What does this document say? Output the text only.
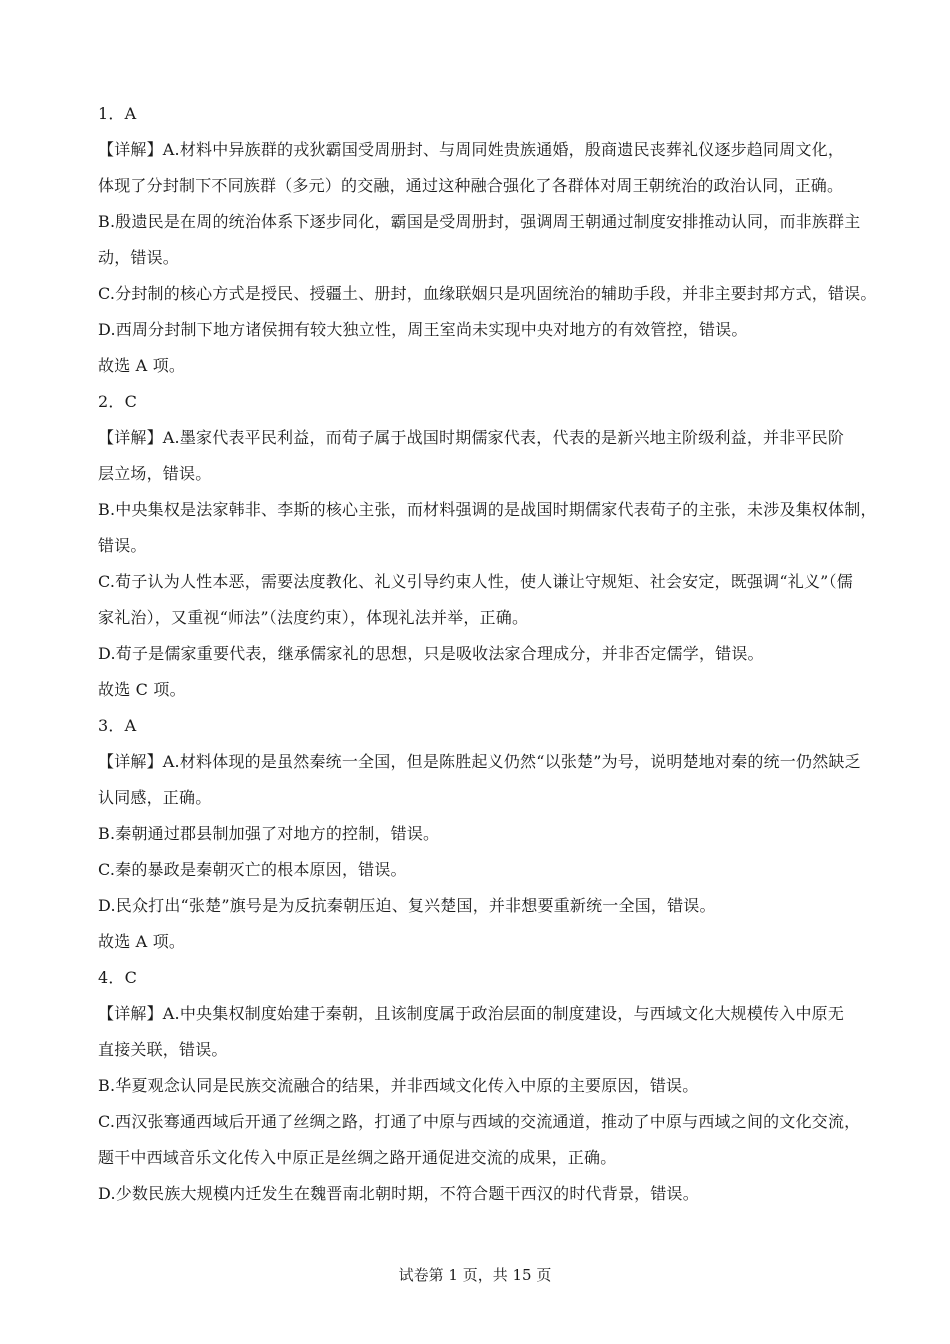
1．A
【详解】A.材料中异族群的戎狄霸国受周册封、与周同姓贵族通婚，殷商遗民丧葬礼仪逐步趋同周文化，
体现了分封制下不同族群（多元）的交融，通过这种融合强化了各群体对周王朝统治的政治认同，正确。
B.殷遗民是在周的统治体系下逐步同化，霸国是受周册封，强调周王朝通过制度安排推动认同，而非族群主
动，错误。
C.分封制的核心方式是授民、授疆土、册封，血缘联姻只是巩固统治的辅助手段，并非主要封邦方式，错误。
D.西周分封制下地方诸侯拥有较大独立性，周王室尚未实现中央对地方的有效管控，错误。
故选 A 项。
2．C
【详解】A.墨家代表平民利益，而荀子属于战国时期儒家代表，代表的是新兴地主阶级利益，并非平民阶
层立场，错误。
B.中央集权是法家韩非、李斯的核心主张，而材料强调的是战国时期儒家代表荀子的主张，未涉及集权体制，
错误。
C.荀子认为人性本恶，需要法度教化、礼义引导约束人性，使人谦让守规矩、社会安定，既强调“礼义”（儒
家礼治），又重视“师法”（法度约束），体现礼法并举，正确。
D.荀子是儒家重要代表，继承儒家礼的思想，只是吸收法家合理成分，并非否定儒学，错误。
故选 C 项。
3．A
【详解】A.材料体现的是虽然秦统一全国，但是陈胜起义仍然“以张楚”为号，说明楚地对秦的统一仍然缺乏
认同感，正确。
B.秦朝通过郡县制加强了对地方的控制，错误。
C.秦的暴政是秦朝灭亡的根本原因，错误。
D.民众打出“张楚”旗号是为反抗秦朝压迫、复兴楚国，并非想要重新统一全国，错误。
故选 A 项。
4．C
【详解】A.中央集权制度始建于秦朝，且该制度属于政治层面的制度建设，与西域文化大规模传入中原无
直接关联，错误。
B.华夏观念认同是民族交流融合的结果，并非西域文化传入中原的主要原因，错误。
C.西汉张骞通西域后开通了丝绸之路，打通了中原与西域的交流通道，推动了中原与西域之间的文化交流，
题干中西域音乐文化传入中原正是丝绸之路开通促进交流的成果，正确。
D.少数民族大规模内迁发生在魏晋南北朝时期，不符合题干西汉的时代背景，错误。
试卷第 1 页，共 15 页
